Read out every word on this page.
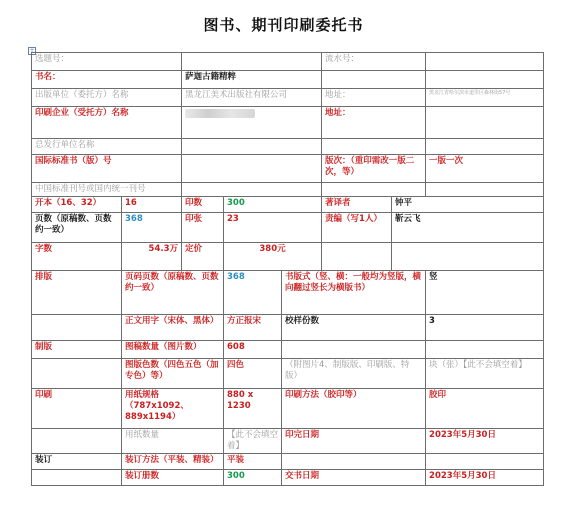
图书、期刊印刷委托书
+
选题号：					流水号：		
书名：		萨迦古籍精粹					
出版单位（委托方）名称		黑龙江美术出版社有限公司			地址：		黑龙江省哈尔滨市道里区森林街57号
印刷企业（受托方）名称					地址：		
总发行单位名称							
国际标准书（版）号					版次：（重印需改一版二次，等）		一版一次
中国标准刊号或国内统一刊号							
开本（16、32）	16	印数	300		著译者	钟平	
页数（原稿数、页数约一致）	368	印张	23		责编（写1人）	靳云飞	
字数	54.3万	定价	380元				
排版	页码页数（原稿数、页数约一致）		368	书版式（竖、横：一般均为竖版，横向翻过竖长为横版书）			竖
	正文用字（宋体、黑体）		方正报宋	校样份数			3
制版	图稿数量（图片数）		608				
	图版色数（四色五色（加专色）等）		四色	（附图片4、制版版、印刷版、特版）			块（张）【此不会填空着】
印刷	用纸规格（787x1092、889x1194）		880 x 1230	印刷方法（胶印等）			胶印
	用纸数量		【此不会填空着】	印完日期			2023年5月30日
装订	装订方法（平装、精装）		平装				
	装订册数		300	交书日期			2023年5月30日
